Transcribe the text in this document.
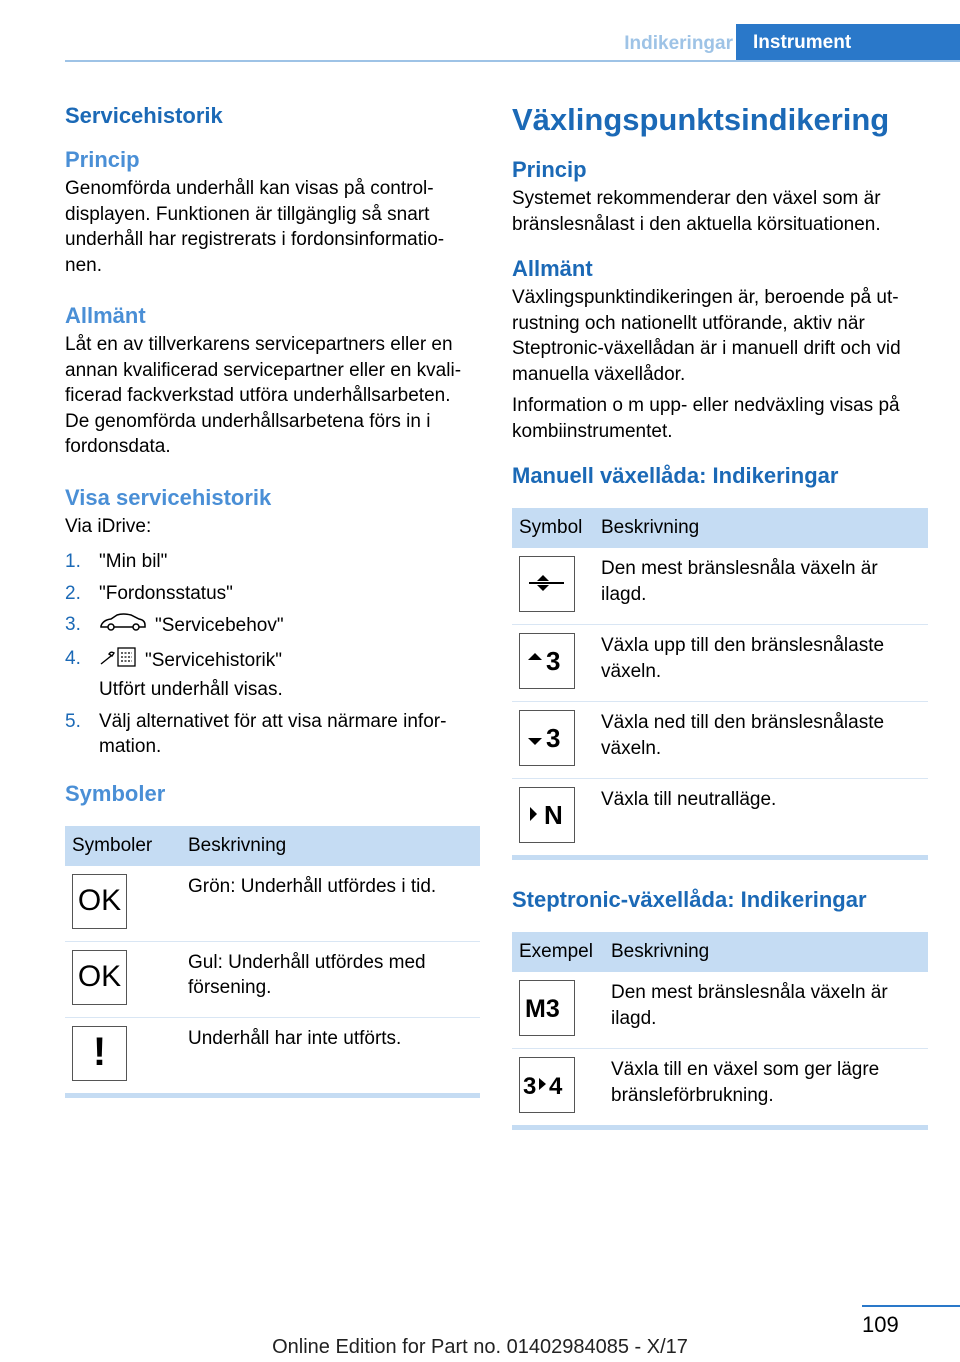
Indikeringar	Instrument
Servicehistorik
Princip
Genomförda underhåll kan visas på control-displayen. Funktionen är tillgänglig så snart underhåll har registrerats i fordonsinformatio-nen.
Allmänt
Låt en av tillverkarens servicepartners eller en annan kvalificerad servicepartner eller en kvali-ficerad fackverkstad utföra underhållsarbeten. De genomförda underhållsarbetena förs in i fordonsdata.
Visa servicehistorik
Via iDrive:
1. "Min bil"
2. "Fordonsstatus"
3.	"Servicebehov"
4.	"Servicehistorik"
Utfört underhåll visas.
5. Välj alternativet för att visa närmare infor-mation.
Symboler
Symboler	Beskrivning

OK	Grön: Underhåll utfördes i tid.

OK	Gul: Underhåll utfördes med försening.

!	Underhåll har inte utförts.
Växlingspunktsindikering
Princip
Systemet rekommenderar den växel som är bränslesnålast i den aktuella körsituationen.
Allmänt
Växlingspunktindikeringen är, beroende på ut-rustning och nationellt utförande, aktiv när Steptronic-växellådan är i manuell drift och vid manuella växellådor.
Information o m upp- eller nedväxling visas på kombiinstrumentet.
Manuell växellåda: Indikeringar
Symbol	Beskrivning

	Den mest bränslesnåla växeln är ilagd.

3	Växla upp till den bränslesnålaste växeln.

3	Växla ned till den bränslesnålaste växeln.

N	Växla till neutralläge.
Steptronic-växellåda: Indikeringar
Exempel	Beskrivning

M3	Den mest bränslesnåla växeln är ilagd.

3 4	Växla till en växel som ger lägre bränsleförbrukning.
109
Online Edition for Part no. 01402984085 - X/17
